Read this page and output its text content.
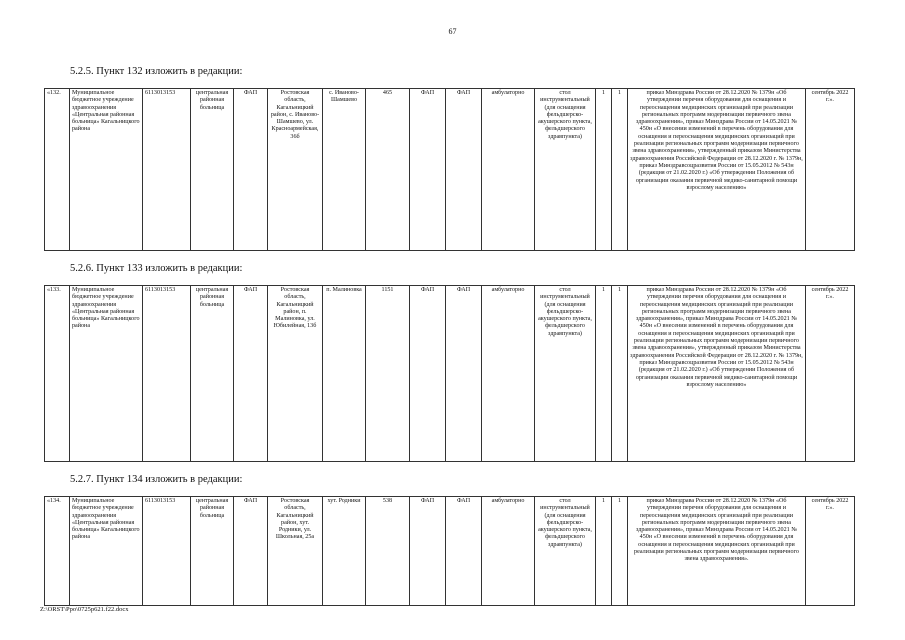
67
5.2.5. Пункт 132 изложить в редакции:
«132.	Муниципальное бюджетное учреждение здравоохранения «Центральная районная больница» Кагальницкого района	6113013153	центральная районная больница	ФАП	Ростовская область, Кагальницкий район, с. Иваново-Шамшево, ул. Красноармейская, 36б	с. Иваново-Шамшево	465	ФАП	ФАП	амбулаторно	стол инструментальный (для оснащения фельдшерско-акушерского пункта, фельдшерского здравпункта)	1	1	приказ Минздрава России от 28.12.2020 № 1379н «Об утверждении перечня оборудования для оснащения и переоснащения медицинских организаций при реализации региональных программ модернизации первичного звена здравоохранения», приказ Минздрава России от 14.05.2021 № 450н «О внесении изменений в перечень оборудования для оснащения и переоснащения медицинских организаций при реализации региональных программ модернизации первичного звена здравоохранения», утвержденный приказом Министерства здравоохранения Российской Федерации от 28.12.2020 г. № 1379н, приказ Минздравсоцразвития России от 15.05.2012 № 543н (редакция от 21.02.2020 г.) «Об утверждении Положения об организации оказания первичной медико-санитарной помощи взрослому населению»	сентябрь 2022 г.».
5.2.6. Пункт 133 изложить в редакции:
«133.	Муниципальное бюджетное учреждение здравоохранения «Центральная районная больница» Кагальницкого района	6113013153	центральная районная больница	ФАП	Ростовская область, Кагальницкий район, п. Малиновка, ул. Юбилейная, 13б	п. Малиновка	1151	ФАП	ФАП	амбулаторно	стол инструментальный (для оснащения фельдшерско-акушерского пункта, фельдшерского здравпункта)	1	1	приказ Минздрава России от 28.12.2020 № 1379н «Об утверждении перечня оборудования для оснащения и переоснащения медицинских организаций при реализации региональных программ модернизации первичного звена здравоохранения», приказ Минздрава России от 14.05.2021 № 450н «О внесении изменений в перечень оборудования для оснащения и переоснащения медицинских организаций при реализации региональных программ модернизации первичного звена здравоохранения», утвержденный приказом Министерства здравоохранения Российской Федерации от 28.12.2020 г. № 1379н, приказ Минздравсоцразвития России от 15.05.2012 № 543н (редакция от 21.02.2020 г.) «Об утверждении Положения об организации оказания первичной медико-санитарной помощи взрослому населению»	сентябрь 2022 г.».
5.2.7. Пункт 134 изложить в редакции:
«134.	Муниципальное бюджетное учреждение здравоохранения «Центральная районная больница» Кагальницкого района	6113013153	центральная районная больница	ФАП	Ростовская область, Кагальницкий район, хут. Родники, ул. Школьная, 25а	хут. Родники	538	ФАП	ФАП	амбулаторно	стол инструментальный (для оснащения фельдшерско-акушерского пункта, фельдшерского здравпункта)	1	1	приказ Минздрава России от 28.12.2020 № 1379н «Об утверждении перечня оборудования для оснащения и переоснащения медицинских организаций при реализации региональных программ модернизации первичного звена здравоохранения», приказ Минздрава России от 14.05.2021 № 450н «О внесении изменений в перечень оборудования для оснащения и переоснащения медицинских организаций при реализации региональных программ модернизации первичного звена здравоохранения».	сентябрь 2022 г.».
Z:\ORST\Ppo\0725p621.f22.docx
